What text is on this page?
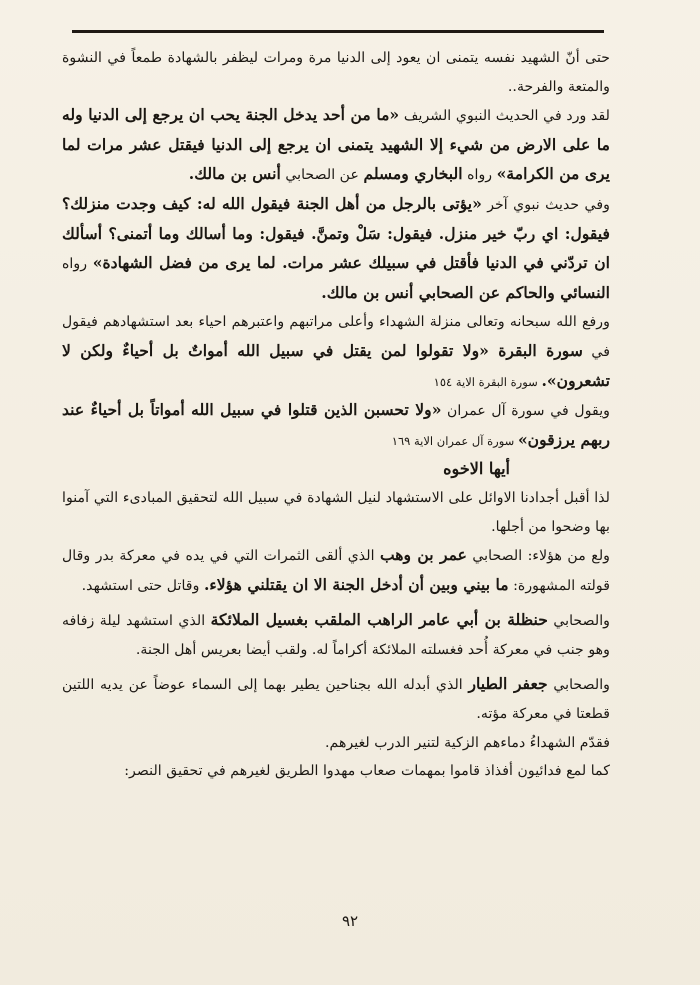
حتى أنّ الشهيد نفسه يتمنى ان يعود إلى الدنيا مرة ومرات ليظفر بالشهادة طمعاً في النشوة والمتعة والفرحة..

لقد ورد في الحديث النبوي الشريف «ما من أحد يدخل الجنة يحب ان يرجع إلى الدنيا وله ما على الارض من شيء إلا الشهيد يتمنى ان يرجع إلى الدنيا فيقتل عشر مرات لما يرى من الكرامة» رواه البخاري ومسلم عن الصحابي أنس بن مالك.

وفي حديث نبوي آخر «يؤتى بالرجل من أهل الجنة فيقول الله له: كيف وجدت منزلك؟ فيقول: اي ربّ خير منزل. فيقول: سَلْ وتمنَّ. فيقول: وما أسالك وما أتمنى؟ أسألك ان تردّني في الدنيا فأقتل في سبيلك عشر مرات. لما يرى من فضل الشهادة» رواه النسائي والحاكم عن الصحابي أنس بن مالك.

ورفع الله سبحانه وتعالى منزلة الشهداء وأعلى مراتبهم واعتبرهم احياء بعد استشهادهم فيقول في سورة البقرة «ولا تقولوا لمن يقتل في سبيل الله أمواتٌ بل أحياءٌ ولكن لا تشعرون». سورة البقرة الاية ١٥٤

ويقول في سورة آل عمران «ولا تحسبن الذين قتلوا في سبيل الله أمواتاً بل أحياءٌ عند ربهم يرزقون» سورة آل عمران الاية ١٦٩

أيها الاخوه

لذا أقبل أجدادنا الاوائل على الاستشهاد لنيل الشهادة في سبيل الله لتحقيق المبادىء التي آمنوا بها وضحوا من أجلها.

ولع من هؤلاء: الصحابي عمر بن وهب الذي ألقى الثمرات التي في يده في معركة بدر وقال قولته المشهورة: ما بيني وبين أن أدخل الجنة الا ان يقتلني هؤلاء. وقاتل حتى استشهد.

والصحابي حنظلة بن أبي عامر الراهب الملقب بغسيل الملائكة الذي استشهد ليلة زفافه وهو جنب في معركة أُحد فغسلته الملائكة أكراماً له. ولقب أيضا بعريس أهل الجنة.

والصحابي جعفر الطيار الذي أبدله الله بجناحين يطير بهما إلى السماء عوضاً عن يديه اللتين قطعتا في معركة مؤته.

فقدّم الشهداءُ دماءهم الزكية لتنير الدرب لغيرهم.

كما لمع فدائيون أفذاذ قاموا بمهمات صعاب مهدوا الطريق لغيرهم في تحقيق النصر:

٩٢
